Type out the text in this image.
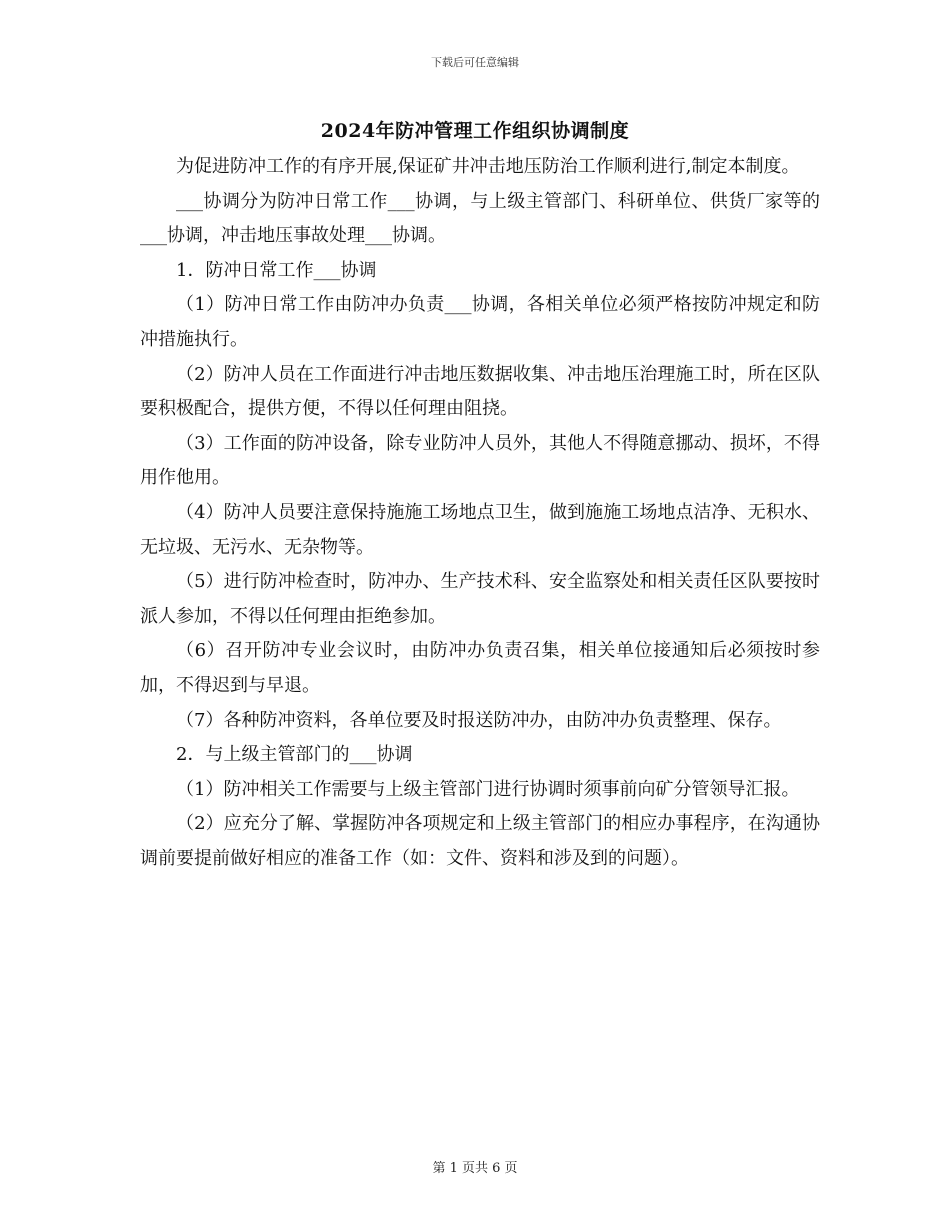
下载后可任意编辑
2024年防冲管理工作组织协调制度

为促进防冲工作的有序开展,保证矿井冲击地压防治工作顺利进行,制定本制度。

___协调分为防冲日常工作___协调，与上级主管部门、科研单位、供货厂家等的___协调，冲击地压事故处理___协调。

1．防冲日常工作___协调

（1）防冲日常工作由防冲办负责___协调，各相关单位必须严格按防冲规定和防冲措施执行。

（2）防冲人员在工作面进行冲击地压数据收集、冲击地压治理施工时，所在区队要积极配合，提供方便，不得以任何理由阻挠。

（3）工作面的防冲设备，除专业防冲人员外，其他人不得随意挪动、损坏，不得用作他用。

（4）防冲人员要注意保持施施工场地点卫生，做到施施工场地点洁净、无积水、无垃圾、无污水、无杂物等。

（5）进行防冲检查时，防冲办、生产技术科、安全监察处和相关责任区队要按时派人参加，不得以任何理由拒绝参加。

（6）召开防冲专业会议时，由防冲办负责召集，相关单位接通知后必须按时参加，不得迟到与早退。

（7）各种防冲资料，各单位要及时报送防冲办，由防冲办负责整理、保存。

2．与上级主管部门的___协调

（1）防冲相关工作需要与上级主管部门进行协调时须事前向矿分管领导汇报。

（2）应充分了解、掌握防冲各项规定和上级主管部门的相应办事程序，在沟通协调前要提前做好相应的准备工作（如：文件、资料和涉及到的问题）。

第 1 页共 6 页
